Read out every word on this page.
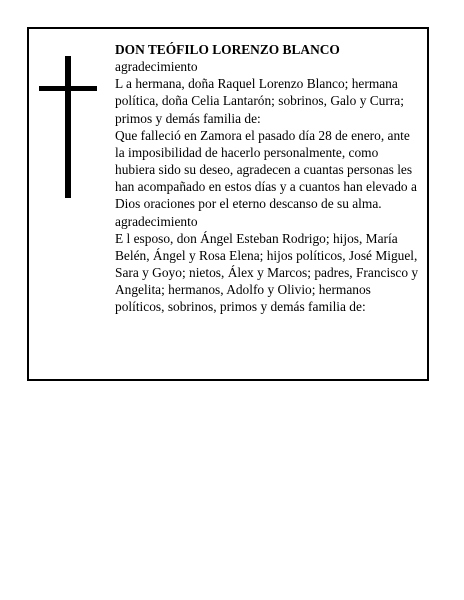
DON TEÓFILO LORENZO BLANCO

agradecimiento

L a hermana, doña Raquel Lorenzo Blanco; hermana política, doña Celia Lantarón; sobrinos, Galo y Curra; primos y demás familia de:

Que falleció en Zamora el pasado día 28 de enero, ante la imposibilidad de hacerlo personalmente, como hubiera sido su deseo, agradecen a cuantas personas les han acompañado en estos días y a cuantos han elevado a Dios oraciones por el eterno descanso de su alma.

agradecimiento

E l esposo, don Ángel Esteban Rodrigo; hijos, María Belén, Ángel y Rosa Elena; hijos políticos, José Miguel, Sara y Goyo; nietos, Álex y Marcos; padres, Francisco y Angelita; hermanos, Adolfo y Olivio; hermanos políticos, sobrinos, primos y demás familia de:
